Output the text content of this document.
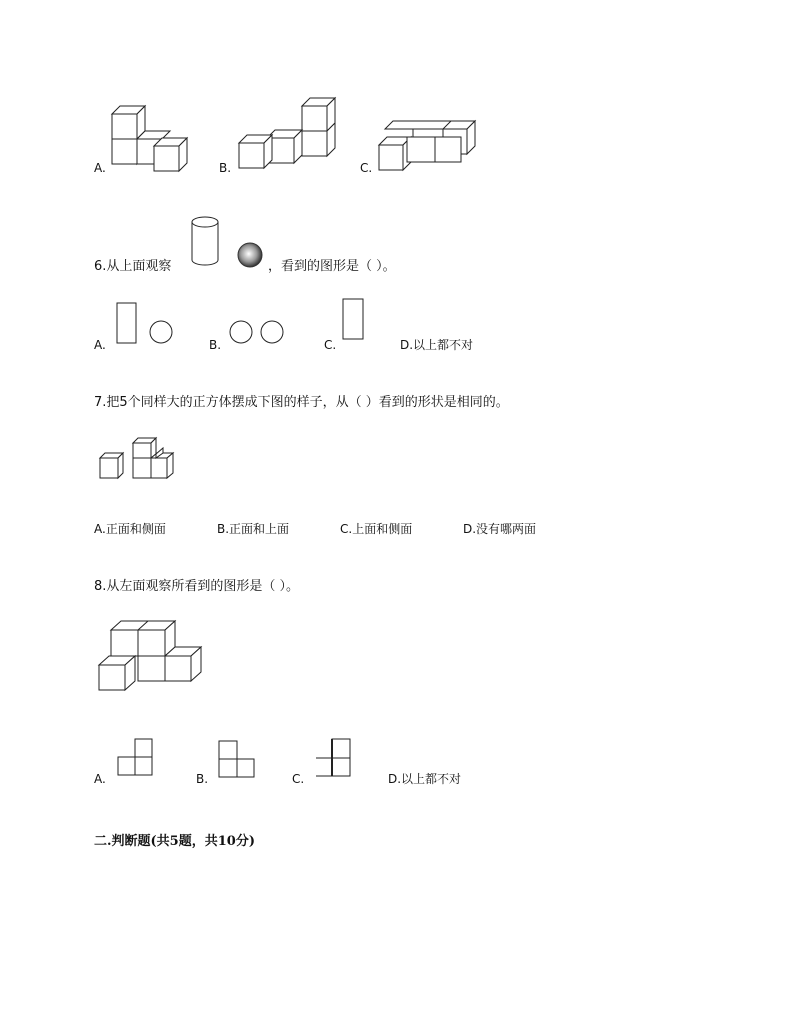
A.	B.	C.
6.从上面观察	，看到的图形是（ ）。
A.	B.	C.	D.以上都不对
7.把5个同样大的正方体摆成下图的样子，从（ ）看到的形状是相同的。
A.正面和侧面	B.正面和上面	C.上面和侧面	D.没有哪两面
8.从左面观察所看到的图形是（ ）。
A.	B.	C.	D.以上都不对
二.判断题(共5题，共10分)
